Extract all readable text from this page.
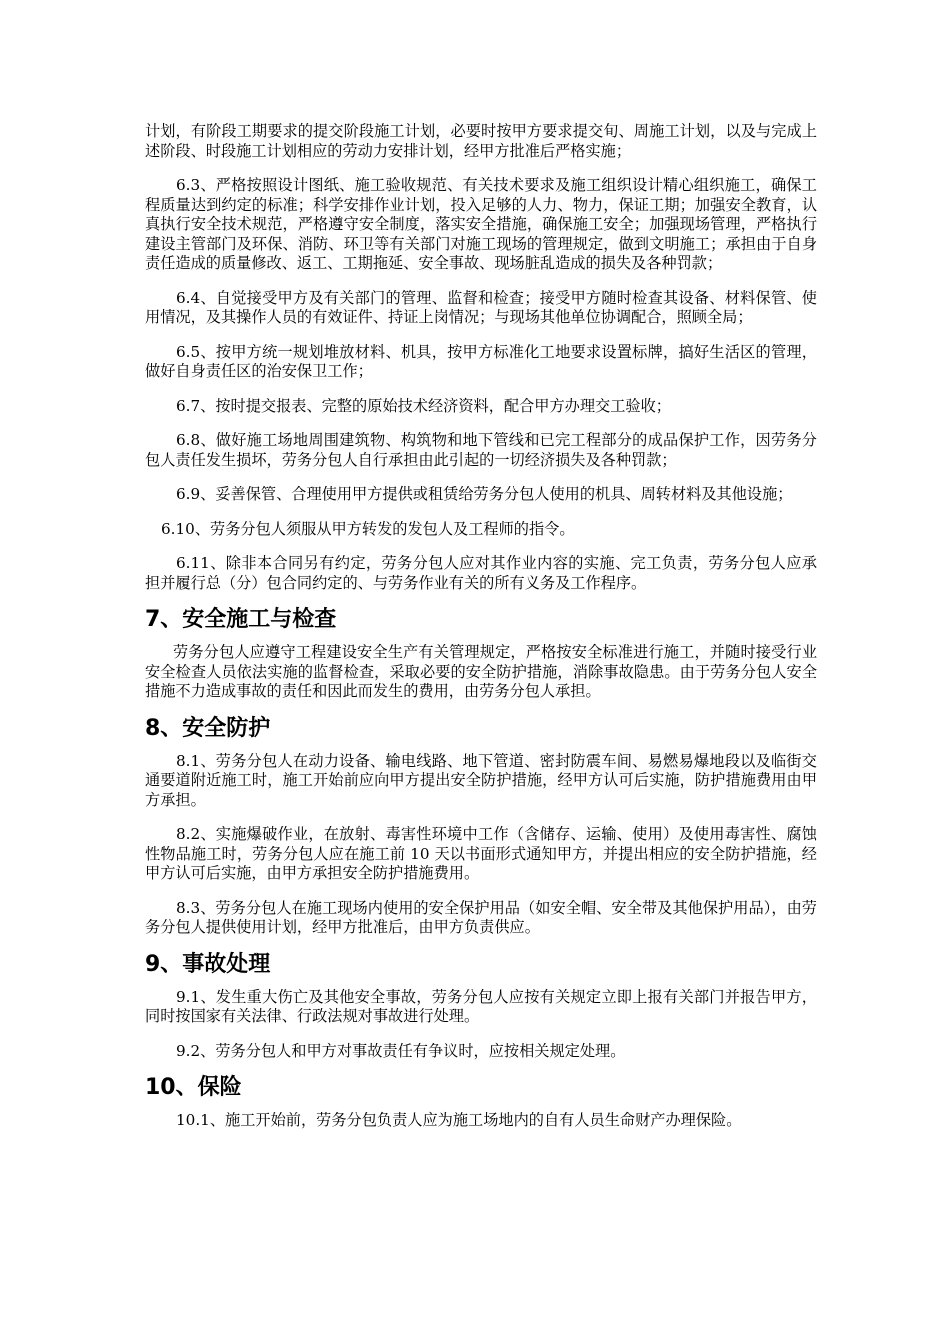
计划，有阶段工期要求的提交阶段施工计划，必要时按甲方要求提交旬、周施工计划，以及与完成上述阶段、时段施工计划相应的劳动力安排计划，经甲方批准后严格实施；

6.3、严格按照设计图纸、施工验收规范、有关技术要求及施工组织设计精心组织施工，确保工程质量达到约定的标准；科学安排作业计划，投入足够的人力、物力，保证工期；加强安全教育，认真执行安全技术规范，严格遵守安全制度，落实安全措施，确保施工安全；加强现场管理，严格执行建设主管部门及环保、消防、环卫等有关部门对施工现场的管理规定，做到文明施工；承担由于自身责任造成的质量修改、返工、工期拖延、安全事故、现场脏乱造成的损失及各种罚款；

6.4、自觉接受甲方及有关部门的管理、监督和检查；接受甲方随时检查其设备、材料保管、使用情况，及其操作人员的有效证件、持证上岗情况；与现场其他单位协调配合，照顾全局；

6.5、按甲方统一规划堆放材料、机具，按甲方标准化工地要求设置标牌，搞好生活区的管理，做好自身责任区的治安保卫工作；

6.7、按时提交报表、完整的原始技术经济资料，配合甲方办理交工验收；

6.8、做好施工场地周围建筑物、构筑物和地下管线和已完工程部分的成品保护工作，因劳务分包人责任发生损坏，劳务分包人自行承担由此引起的一切经济损失及各种罚款；

6.9、妥善保管、合理使用甲方提供或租赁给劳务分包人使用的机具、周转材料及其他设施；

6.10、劳务分包人须服从甲方转发的发包人及工程师的指令。

6.11、除非本合同另有约定，劳务分包人应对其作业内容的实施、完工负责，劳务分包人应承担并履行总（分）包合同约定的、与劳务作业有关的所有义务及工作程序。

7、安全施工与检查

劳务分包人应遵守工程建设安全生产有关管理规定，严格按安全标准进行施工，并随时接受行业安全检查人员依法实施的监督检查，采取必要的安全防护措施，消除事故隐患。由于劳务分包人安全措施不力造成事故的责任和因此而发生的费用，由劳务分包人承担。

8、安全防护

8.1、劳务分包人在动力设备、输电线路、地下管道、密封防震车间、易燃易爆地段以及临街交通要道附近施工时，施工开始前应向甲方提出安全防护措施，经甲方认可后实施，防护措施费用由甲方承担。

8.2、实施爆破作业，在放射、毒害性环境中工作（含储存、运输、使用）及使用毒害性、腐蚀性物品施工时，劳务分包人应在施工前 10 天以书面形式通知甲方，并提出相应的安全防护措施，经甲方认可后实施，由甲方承担安全防护措施费用。

8.3、劳务分包人在施工现场内使用的安全保护用品（如安全帽、安全带及其他保护用品），由劳务分包人提供使用计划，经甲方批准后，由甲方负责供应。

9、事故处理

9.1、发生重大伤亡及其他安全事故，劳务分包人应按有关规定立即上报有关部门并报告甲方，同时按国家有关法律、行政法规对事故进行处理。

9.2、劳务分包人和甲方对事故责任有争议时，应按相关规定处理。

10、保险

10.1、施工开始前，劳务分包负责人应为施工场地内的自有人员生命财产办理保险。
